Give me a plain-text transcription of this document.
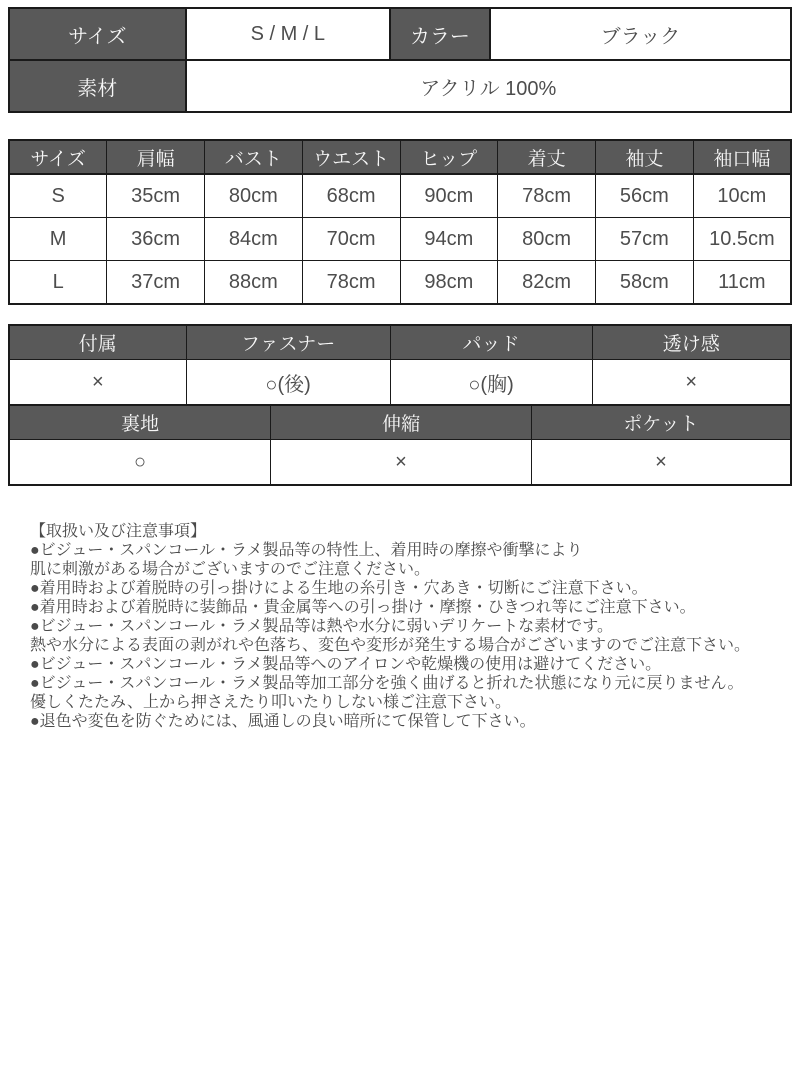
サイズ	S / M / L	カラー	ブラック
素材	アクリル 100%		
サイズ	肩幅	バスト	ウエスト	ヒップ	着丈	袖丈	袖口幅
S	35cm	80cm	68cm	90cm	78cm	56cm	10cm
M	36cm	84cm	70cm	94cm	80cm	57cm	10.5cm
L	37cm	88cm	78cm	98cm	82cm	58cm	11cm
付属	ファスナー	パッド	透け感
×	○(後)	○(胸)	×
裏地	伸縮	ポケット
○	×	×
【取扱い及び注意事項】
●ビジュー・スパンコール・ラメ製品等の特性上、着用時の摩擦や衝撃により
肌に刺激がある場合がございますのでご注意ください。
●着用時および着脱時の引っ掛けによる生地の糸引き・穴あき・切断にご注意下さい。
●着用時および着脱時に装飾品・貴金属等への引っ掛け・摩擦・ひきつれ等にご注意下さい。
●ビジュー・スパンコール・ラメ製品等は熱や水分に弱いデリケートな素材です。
熱や水分による表面の剥がれや色落ち、変色や変形が発生する場合がございますのでご注意下さい。
●ビジュー・スパンコール・ラメ製品等へのアイロンや乾燥機の使用は避けてください。
●ビジュー・スパンコール・ラメ製品等加工部分を強く曲げると折れた状態になり元に戻りません。
優しくたたみ、上から押さえたり叩いたりしない様ご注意下さい。
●退色や変色を防ぐためには、風通しの良い暗所にて保管して下さい。
